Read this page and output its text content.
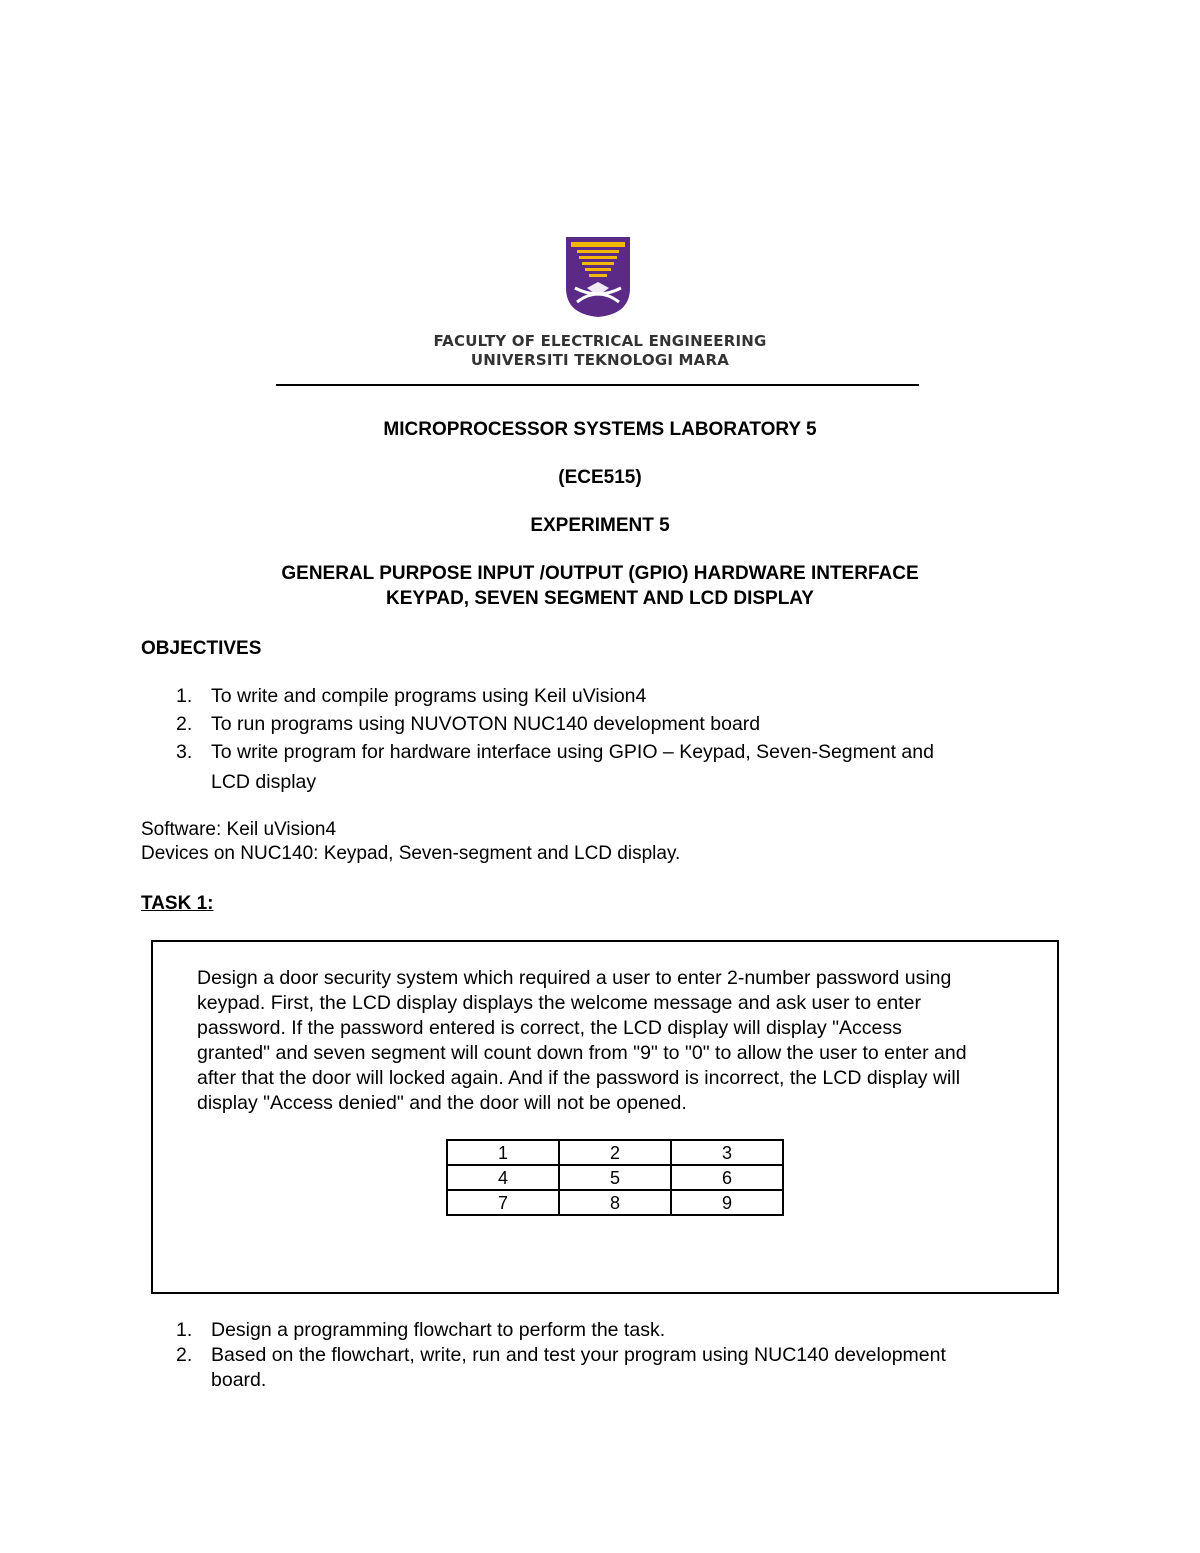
FACULTY OF ELECTRICAL ENGINEERING
UNIVERSITI TEKNOLOGI MARA
MICROPROCESSOR SYSTEMS LABORATORY 5
(ECE515)
EXPERIMENT 5
GENERAL PURPOSE INPUT /OUTPUT (GPIO) HARDWARE INTERFACE
KEYPAD, SEVEN SEGMENT AND LCD DISPLAY
OBJECTIVES
1. To write and compile programs using Keil uVision4
2. To run programs using NUVOTON NUC140 development board
3. To write program for hardware interface using GPIO – Keypad, Seven-Segment and
LCD display
Software: Keil uVision4
Devices on NUC140: Keypad, Seven-segment and LCD display.
TASK 1:
Design a door security system which required a user to enter 2-number password using
keypad. First, the LCD display displays the welcome message and ask user to enter
password. If the password entered is correct, the LCD display will display "Access
granted" and seven segment will count down from "9" to "0" to allow the user to enter and
after that the door will locked again. And if the password is incorrect, the LCD display will
display "Access denied" and the door will not be opened.
1	2	3
4	5	6
7	8	9
1. Design a programming flowchart to perform the task.
2. Based on the flowchart, write, run and test your program using NUC140 development
board.
